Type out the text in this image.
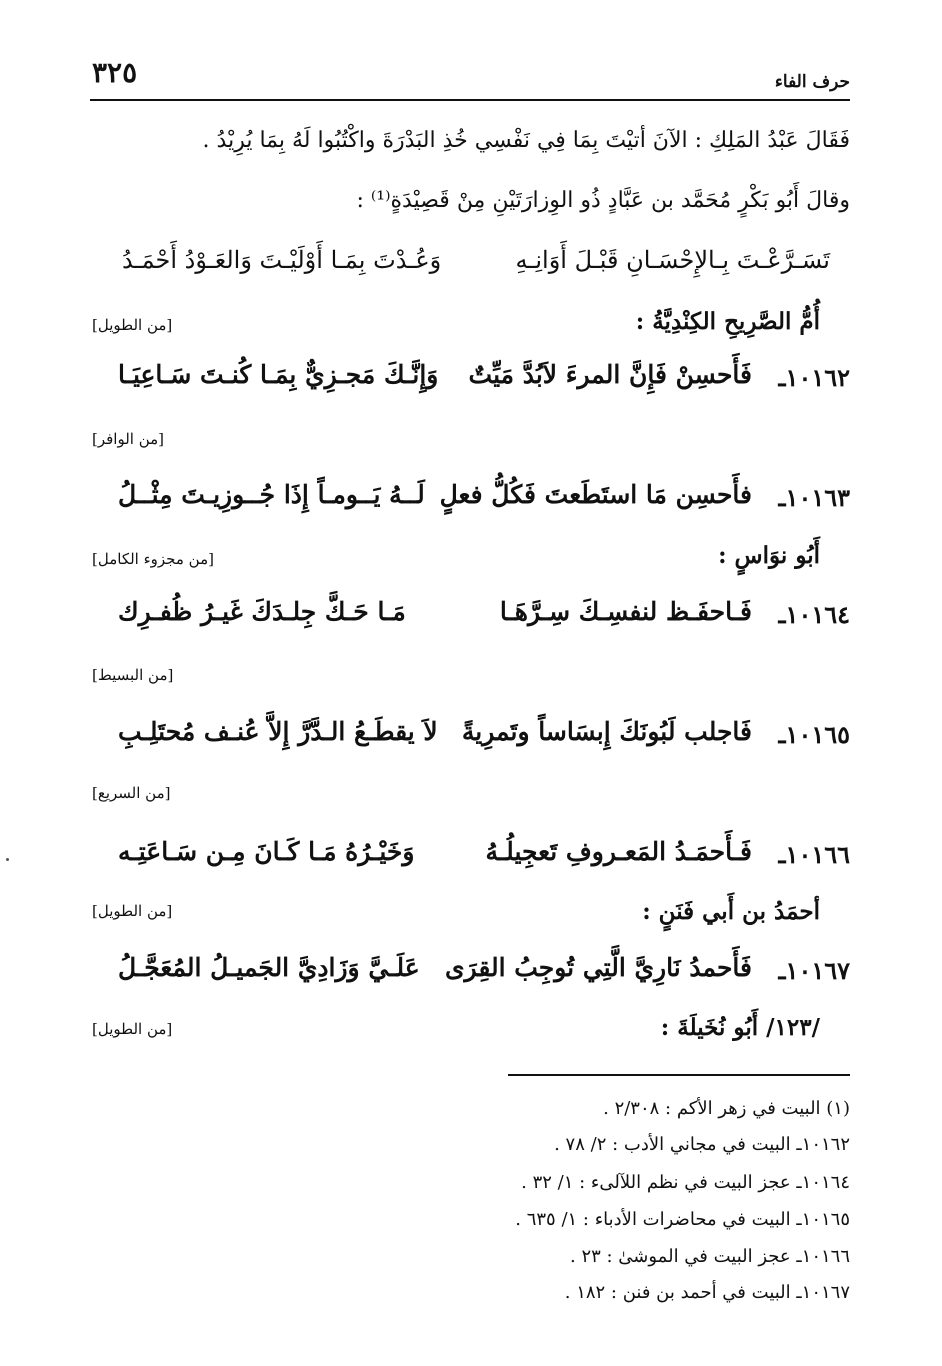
٣٢٥	حرف الفاء
فَقَالَ عَبْدُ المَلِكِ : الآنَ أتيْتَ بِمَا فِي نَفْسِي خُذِ البَدْرَةَ واكْتُبُوا لَهُ بِمَا يُرِيْدُ .
وقالَ أَبُو بَكْرٍ مُحَمَّد بن عَبَّادٍ ذُو الوِزارَتَيْنِ مِنْ قَصِيْدَةٍ⁽¹⁾ :
تَسَـرَّعْـتَ بِـالإِحْسَـانِ قَبْـلَ أَوَانِـهِ
وَعُـدْتَ بِمَـا أَوْلَيْـتَ وَالعَـوْدُ أَحْمَـدُ
أُمُّ الصَّرِيحِ الكِنْدِيَّةُ :
[من الطويل]
١٠١٦٢ـ
فَأَحسِنْ فَإِنَّ المرءَ لاَبُدَّ مَيِّتٌ
وَإِنَّـكَ مَجـزِيٌّ بِمَـا كُنـتَ سَـاعِيَـا
[من الوافر]
١٠١٦٣ـ
فأَحسِن مَا استَطَعتَ فَكُلُّ فعلٍ
لَــهُ يَــومـاً إِذَا جُــوزِيـتَ مِثْــلُ
أَبُو نوَاسٍ :
[من مجزوء الكامل]
١٠١٦٤ـ
فَـاحفَـظ لنفسِـكَ سِـرَّهَـا
مَـا حَـكَّ جِلـدَكَ غَيـرُ ظُفـرِك
[من البسيط]
١٠١٦٥ـ
فَاجلب لَبُونَكَ إِبسَاساً وتَمرِيةً
لاَ يقطَـعُ الـدَّرَّ إِلاَّ عُنـف مُحتَلِـبِ
[من السريع]
١٠١٦٦ـ
فَـأَحمَـدُ المَعـروفِ تَعجِيلُـهُ
وَخَيْـرُهُ مَـا كَـانَ مِـن سَـاعَتِـه
أحمَدُ بن أَبي فَنَنٍ :
[من الطويل]
١٠١٦٧ـ
فَأَحمدُ نَارِيَّ الَّتِي تُوجِبُ القِرَى
عَلَـيَّ وَزَادِيَّ الجَميـلُ المُعَجَّـلُ
/١٢٣/ أَبُو نُخَيلَةَ :
[من الطويل]
(١) البيت في زهر الأكم : ٢/٣٠٨ .
١٠١٦٢ـ البيت في مجاني الأدب : ٢/ ٧٨ .
١٠١٦٤ـ عجز البيت في نظم اللآلىء : ١/ ٣٢ .
١٠١٦٥ـ البيت في محاضرات الأدباء : ١/ ٦٣٥ .
١٠١٦٦ـ عجز البيت في الموشىٰ : ٢٣ .
١٠١٦٧ـ البيت في أحمد بن فنن : ١٨٢ .
